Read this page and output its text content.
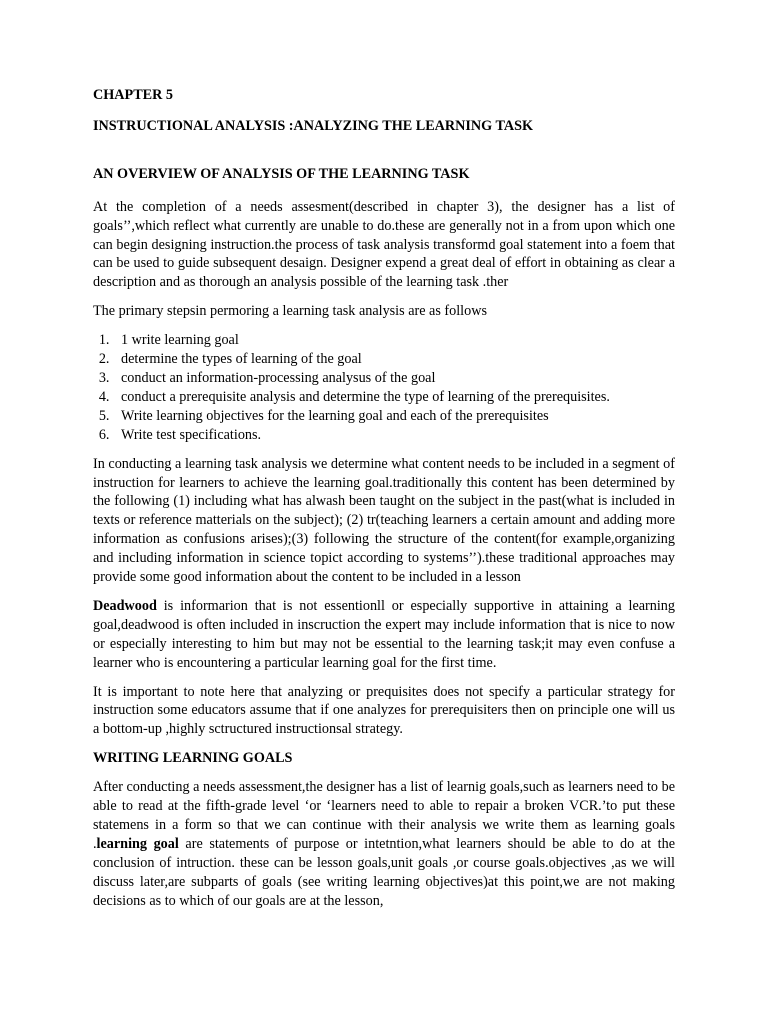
CHAPTER 5
INSTRUCTIONAL ANALYSIS :ANALYZING THE LEARNING TASK
AN OVERVIEW OF ANALYSIS OF THE LEARNING TASK

At the completion of a needs assesment(described in chapter 3), the designer has a list of goals’’,which reflect what currently are unable to do.these are generally not in a from upon which one can begin designing instruction.the process of task analysis transformd goal statement into a foem that can be used to guide subsequent desaign. Designer expend a great deal of effort in obtaining as clear a description and as thorough an analysis possible of the learning task .ther

The primary stepsin permoring a learning task analysis are as follows

1. 1 write learning goal
2. determine the types of learning of the goal
3. conduct an information-processing analysus of the goal
4. conduct a prerequisite analysis and determine the type of learning of the prerequisites.
5. Write learning objectives for the learning goal and each of the prerequisites
6. Write test specifications.

In conducting a learning task analysis we determine what content needs to be included in a segment of instruction for learners to achieve the learning goal.traditionally this content has been determined by the following (1) including what has alwash been taught on the subject in the past(what is included in texts or reference matterials on the subject); (2) tr(teaching learners a certain amount and adding more information as confusions arises);(3) following the structure of the content(for example,organizing and including information in science topict according to systems’’).these traditional approaches may provide some good information about the content to be included in a lesson

Deadwood is informarion that is not essentionll or especially supportive in attaining a learning goal,deadwood is often included in inscruction the expert may include information that is nice to now or especially interesting to him but may not be essential to the learning task;it may even confuse a learner who is encountering a particular learning goal for the first time.

It is important to note here that analyzing or prequisites does not specify a particular strategy for instruction some educators assume that if one analyzes for prerequisiters then on principle one will us a bottom-up ,highly sctructured instructionsal strategy.

WRITING LEARNING GOALS

After conducting a needs assessment,the designer has a list of learnig goals,such as learners need to be able to read at the fifth-grade level ‘or ‘learners need to able to repair a broken VCR.’to put these statemens in a form so that we can continue with their analysis we write them as learning goals .learning goal are statements of purpose or intetntion,what learners should be able to do at the conclusion of intruction. these can be lesson goals,unit goals ,or course goals.objectives ,as we will discuss later,are subparts of goals (see writing learning objectives)at this point,we are not making decisions as to which of our goals are at the lesson,
